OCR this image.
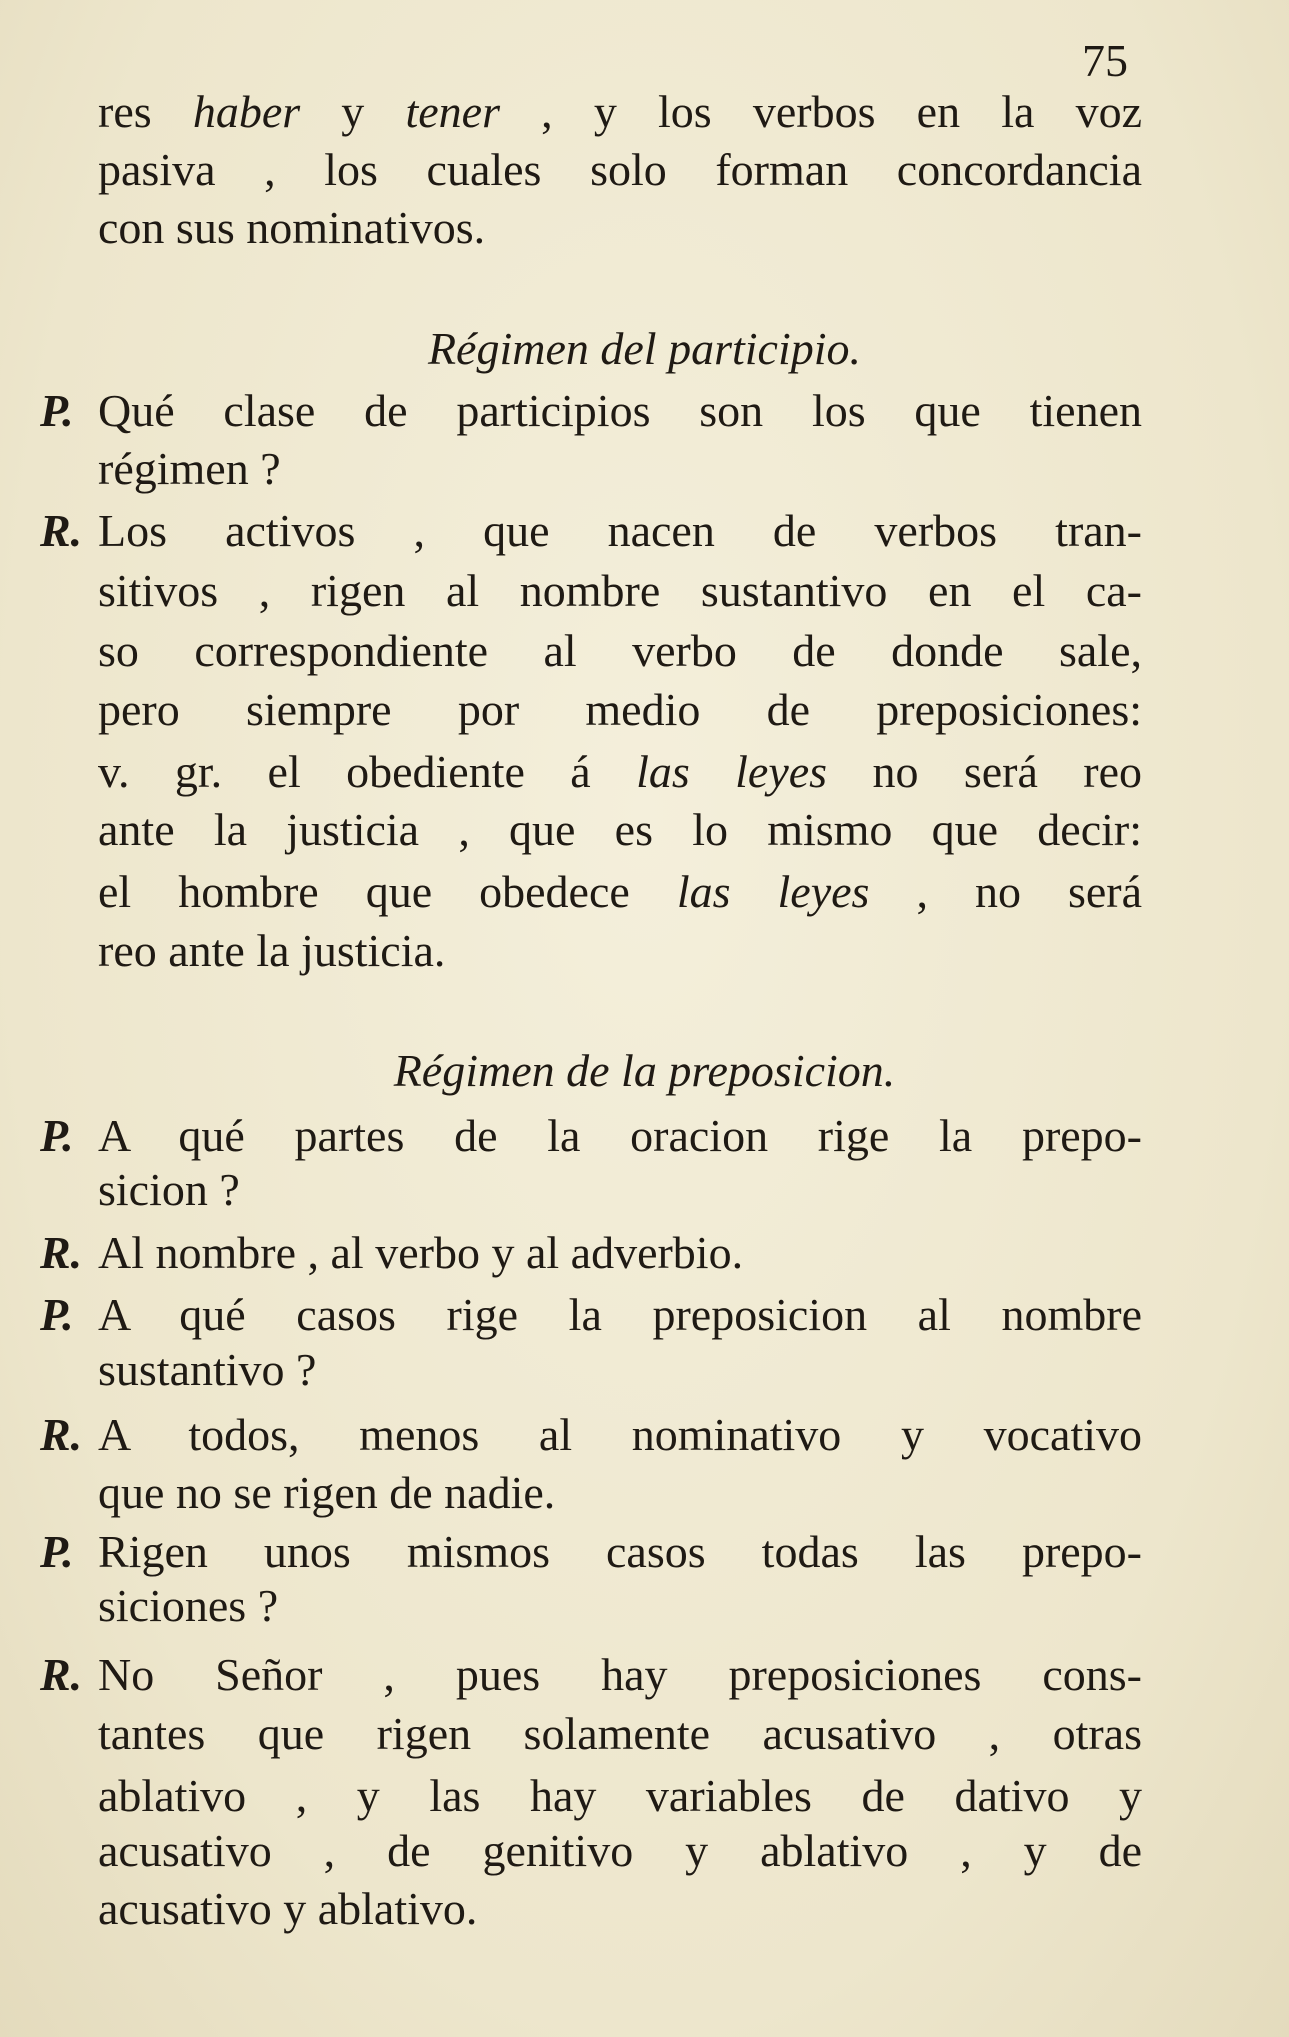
75
res haber y tener , y los verbos en la voz
pasiva , los cuales solo forman concordancia
con sus nominativos.
Régimen del participio.
P. Qué clase de participios son los que tienen
régimen ?
R. Los activos , que nacen de verbos tran-
sitivos , rigen al nombre sustantivo en el ca-
so correspondiente al verbo de donde sale,
pero siempre por medio de preposiciones:
v. gr. el obediente á las leyes no será reo
ante la justicia , que es lo mismo que decir:
el hombre que obedece las leyes , no será
reo ante la justicia.
Régimen de la preposicion.
P. A qué partes de la oracion rige la prepo-
sicion ?
R. Al nombre , al verbo y al adverbio.
P. A qué casos rige la preposicion al nombre
sustantivo ?
R. A todos, menos al nominativo y vocativo
que no se rigen de nadie.
P. Rigen unos mismos casos todas las prepo-
siciones ?
R. No Señor , pues hay preposiciones cons-
tantes que rigen solamente acusativo , otras
ablativo , y las hay variables de dativo y
acusativo , de genitivo y ablativo , y de
acusativo y ablativo.
